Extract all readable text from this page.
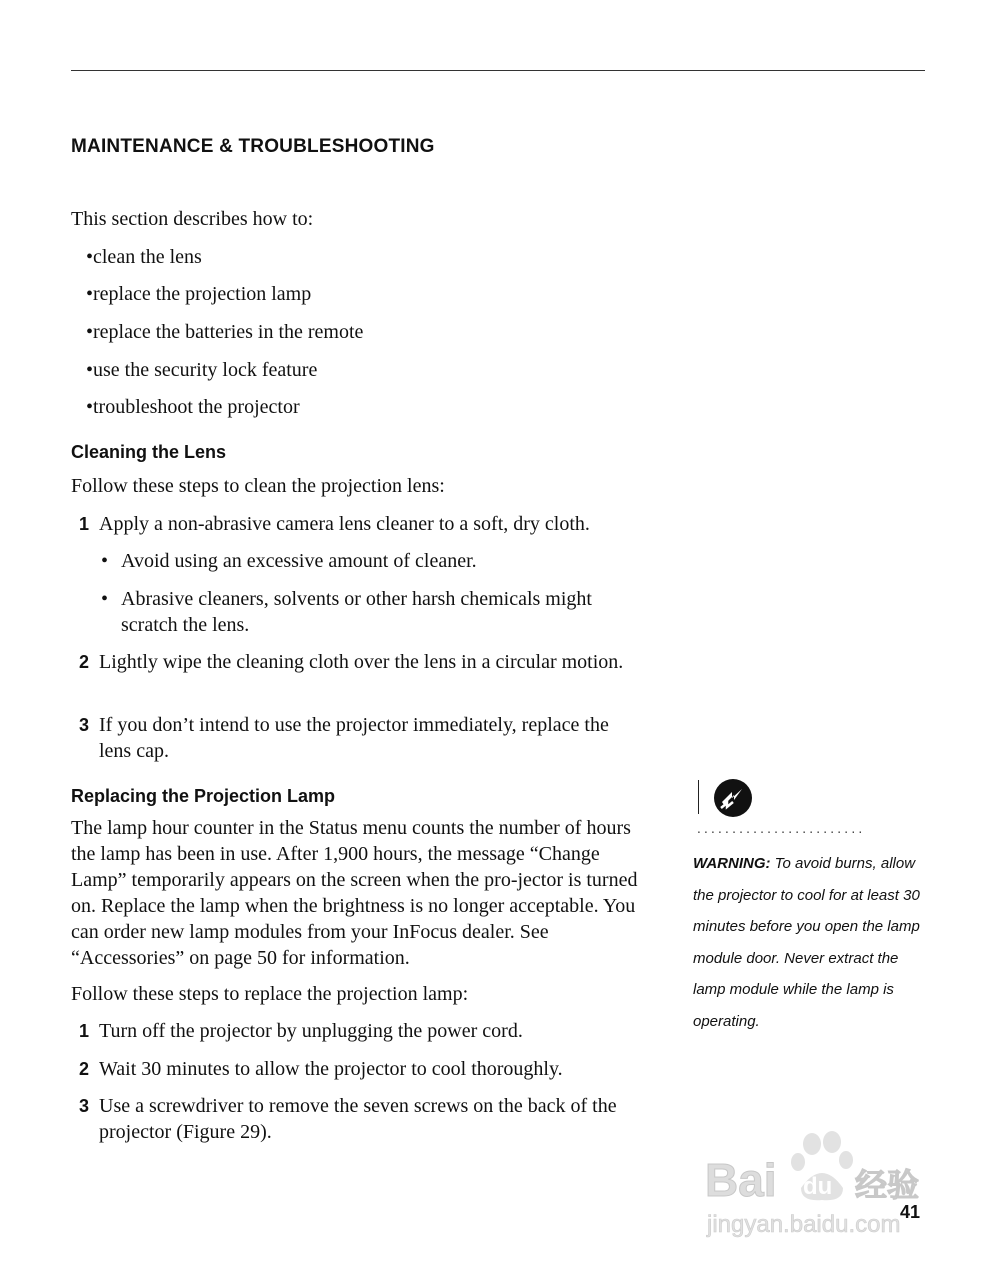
MAINTENANCE & TROUBLESHOOTING
This section describes how to:
•clean the lens
•replace the projection lamp
•replace the batteries in the remote
•use the security lock feature
•troubleshoot the projector
Cleaning the Lens
Follow these steps to clean the projection lens:
1 Apply a non-abrasive camera lens cleaner to a soft, dry cloth.
• Avoid using an excessive amount of cleaner.
• Abrasive cleaners, solvents or other harsh chemicals might scratch the lens.
2 Lightly wipe the cleaning cloth over the lens in a circular motion.
3 If you don’t intend to use the projector immediately, replace the lens cap.
Replacing the Projection Lamp
The lamp hour counter in the Status menu counts the number of hours the lamp has been in use. After 1,900 hours, the message “Change Lamp” temporarily appears on the screen when the pro-jector is turned on. Replace the lamp when the brightness is no longer acceptable. You can order new lamp modules from your InFocus dealer. See “Accessories” on page 50 for information.
Follow these steps to replace the projection lamp:
1 Turn off the projector by unplugging the power cord.
2 Wait 30 minutes to allow the projector to cool thoroughly.
3 Use a screwdriver to remove the seven screws on the back of the projector (Figure 29).
........................
WARNING: To avoid burns, allow the projector to cool for at least 30 minutes before you open the lamp module door. Never extract the lamp module while the lamp is operating.
Bai 经验
du
jingyan.baidu.com 41
